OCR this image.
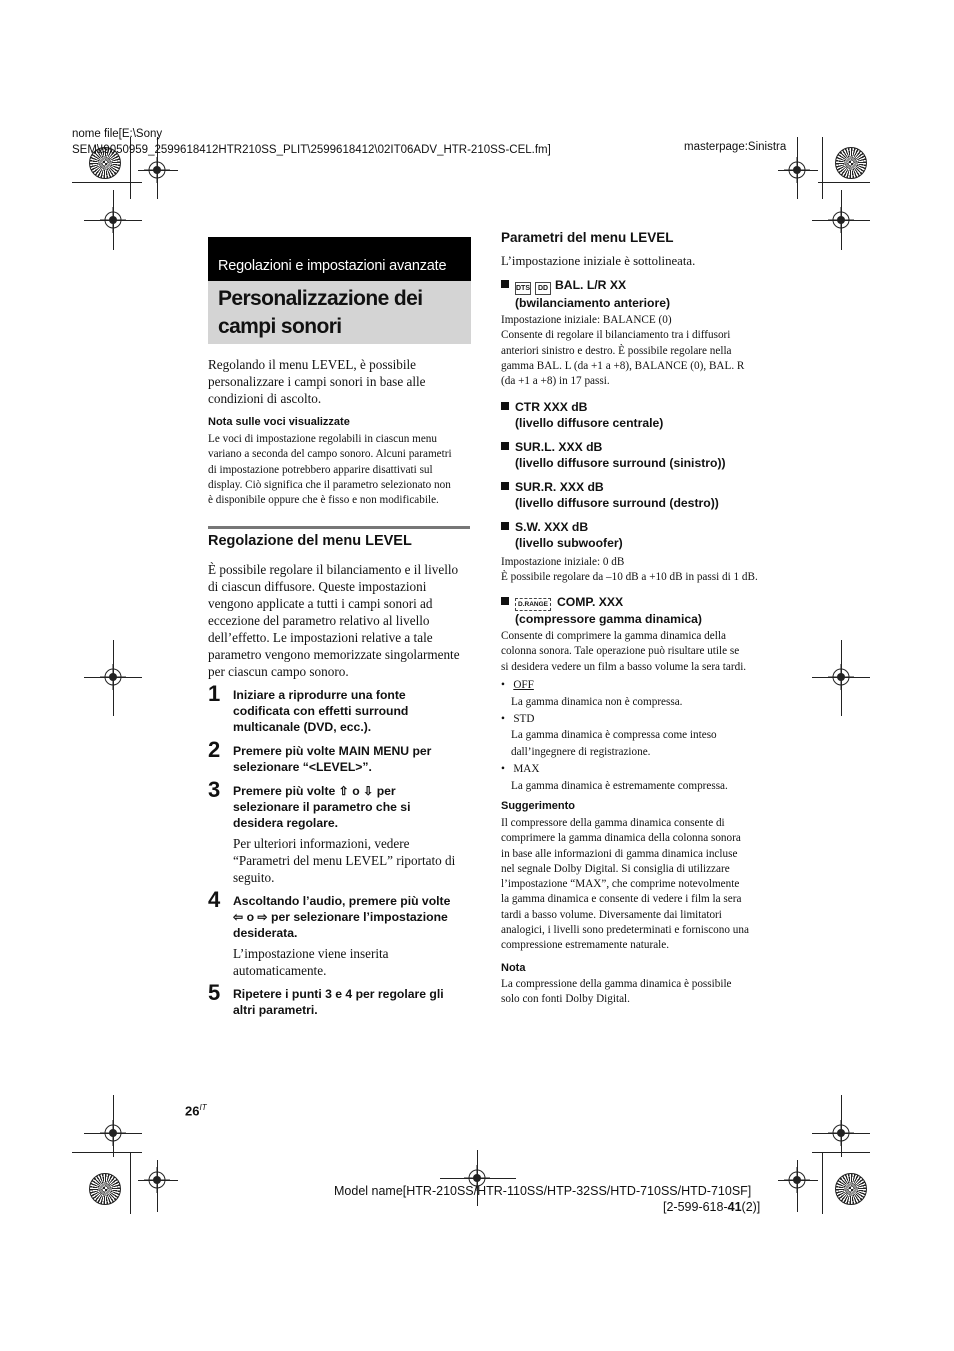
nome file[E:\Sony
SEM\!9050959_2599618412HTR210SS_PLIT\2599618412\02IT06ADV_HTR-210SS-CEL.fm]	masterpage:Sinistra
Regolazioni e impostazioni avanzate
Personalizzazione dei
campi sonori
Regolando il menu LEVEL, è possibile
personalizzare i campi sonori in base alle
condizioni di ascolto.
Nota sulle voci visualizzate
Le voci di impostazione regolabili in ciascun menu
variano a seconda del campo sonoro. Alcuni parametri
di impostazione potrebbero apparire disattivati sul
display. Ciò significa che il parametro selezionato non
è disponibile oppure che è fisso e non modificabile.
Regolazione del menu LEVEL
È possibile regolare il bilanciamento e il livello
di ciascun diffusore. Queste impostazioni
vengono applicate a tutti i campi sonori ad
eccezione del parametro relativo al livello
dell’effetto. Le impostazioni relative a tale
parametro vengono memorizzate singolarmente
per ciascun campo sonoro.
1 Iniziare a riprodurre una fonte
codificata con effetti surround
multicanale (DVD, ecc.).
2 Premere più volte MAIN MENU per
selezionare “<LEVEL>”.
3 Premere più volte ⇧ o ⇩ per
selezionare il parametro che si
desidera regolare.
Per ulteriori informazioni, vedere
“Parametri del menu LEVEL” riportato di
seguito.
4 Ascoltando l’audio, premere più volte
⇦ o ⇨ per selezionare l’impostazione
desiderata.
L’impostazione viene inserita
automaticamente.
5 Ripetere i punti 3 e 4 per regolare gli
altri parametri.
Parametri del menu LEVEL
L’impostazione iniziale è sottolineata.
DTS DD BAL. L/R XX
(bwilanciamento anteriore)
Impostazione iniziale: BALANCE (0)
Consente di regolare il bilanciamento tra i diffusori
anteriori sinistro e destro. È possibile regolare nella
gamma BAL. L (da +1 a +8), BALANCE (0), BAL. R
(da +1 a +8) in 17 passi.
CTR XXX dB
(livello diffusore centrale)
SUR.L. XXX dB
(livello diffusore surround (sinistro))
SUR.R. XXX dB
(livello diffusore surround (destro))
S.W. XXX dB
(livello subwoofer)
Impostazione iniziale: 0 dB
È possibile regolare da –10 dB a +10 dB in passi di 1 dB.
D.RANGE COMP. XXX
(compressore gamma dinamica)
Consente di comprimere la gamma dinamica della
colonna sonora. Tale operazione può risultare utile se
si desidera vedere un film a basso volume la sera tardi.
•   OFF
La gamma dinamica non è compressa.
•   STD
La gamma dinamica è compressa come inteso
dall’ingegnere di registrazione.
•   MAX
La gamma dinamica è estremamente compressa.
Suggerimento
Il compressore della gamma dinamica consente di
comprimere la gamma dinamica della colonna sonora
in base alle informazioni di gamma dinamica incluse
nel segnale Dolby Digital. Si consiglia di utilizzare
l’impostazione “MAX”, che comprime notevolmente
la gamma dinamica e consente di vedere i film la sera
tardi a basso volume. Diversamente dai limitatori
analogici, i livelli sono predeterminati e forniscono una
compressione estremamente naturale.
Nota
La compressione della gamma dinamica è possibile
solo con fonti Dolby Digital.
$26^{IT}$
Model name[HTR-210SS/HTR-110SS/HTP-32SS/HTD-710SS/HTD-710SF]
[2-599-618-41(2)]
